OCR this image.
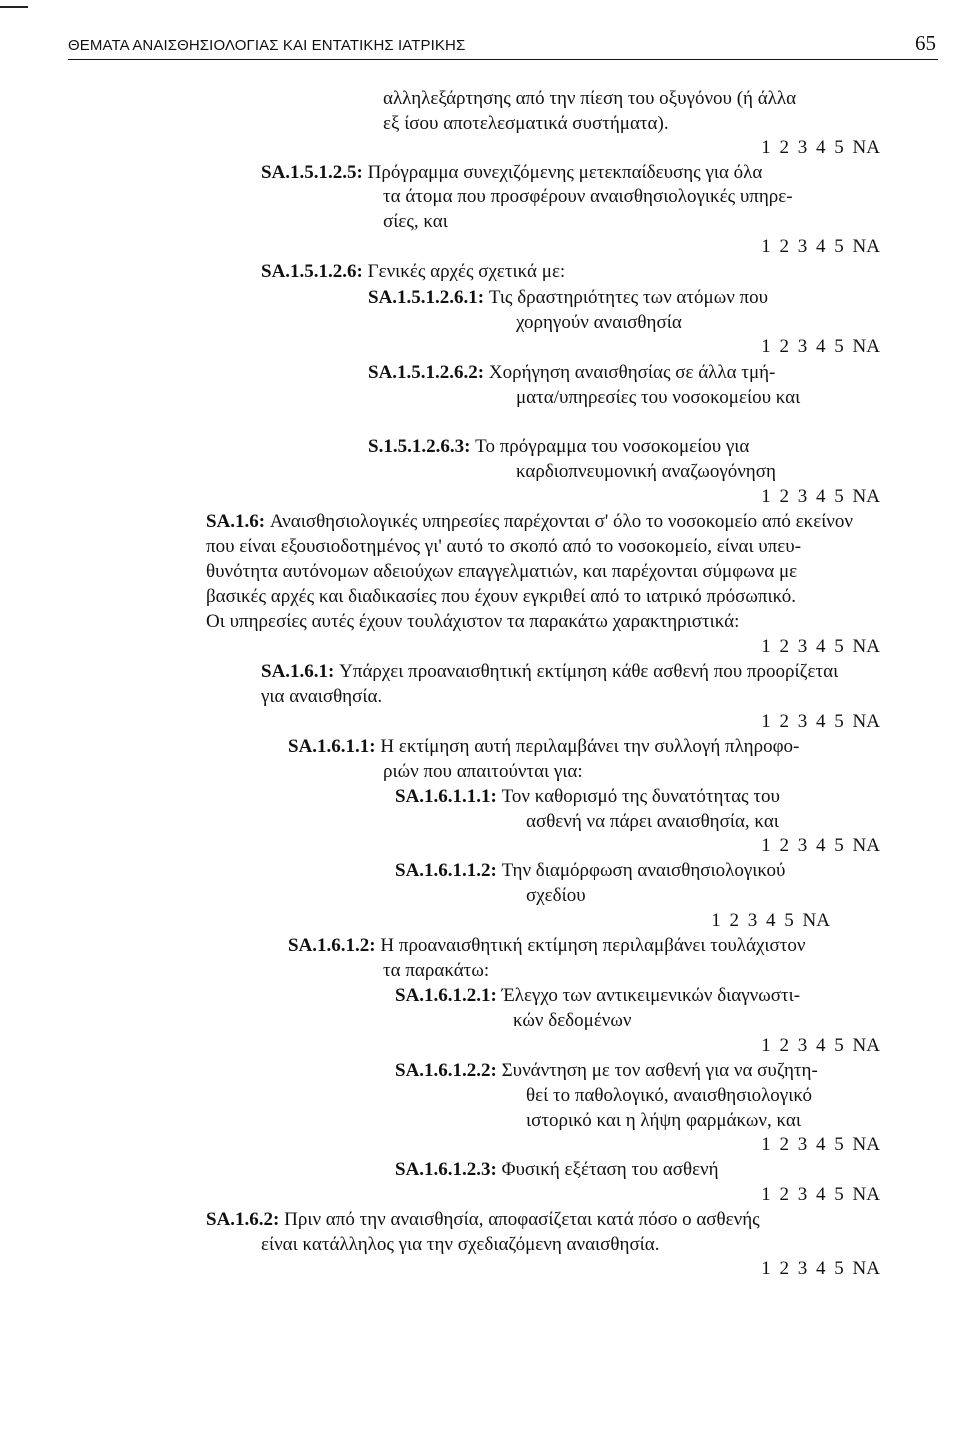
ΘΕΜΑΤΑ ΑΝΑΙΣΘΗΣΙΟΛΟΓΙΑΣ ΚΑΙ ΕΝΤΑΤΙΚΗΣ ΙΑΤΡΙΚΗΣ	65
αλληλεξάρτησης από την πίεση του οξυγόνου (ή άλλα
εξ ίσου αποτελεσματικά συστήματα).
1 2 3 4 5 ΝΑ
SA.1.5.1.2.5: Πρόγραμμα συνεχιζόμενης μετεκπαίδευσης για όλα
τα άτομα που προσφέρουν αναισθησιολογικές υπηρε-
σίες, και
1 2 3 4 5 ΝΑ
SA.1.5.1.2.6: Γενικές αρχές σχετικά με:
SA.1.5.1.2.6.1: Τις δραστηριότητες των ατόμων που
χορηγούν αναισθησία
1 2 3 4 5 ΝΑ
SA.1.5.1.2.6.2: Χορήγηση αναισθησίας σε άλλα τμή-
ματα/υπηρεσίες του νοσοκομείου και
S.1.5.1.2.6.3: Το πρόγραμμα του νοσοκομείου για
καρδιοπνευμονική αναζωογόνηση
1 2 3 4 5 ΝΑ
SA.1.6: Αναισθησιολογικές υπηρεσίες παρέχονται σ' όλο το νοσοκομείο από εκείνον
που είναι εξουσιοδοτημένος γι' αυτό το σκοπό από το νοσοκομείο, είναι υπευ-
θυνότητα αυτόνομων αδειούχων επαγγελματιών, και παρέχονται σύμφωνα με
βασικές αρχές και διαδικασίες που έχουν εγκριθεί από το ιατρικό πρόσωπικό.
Οι υπηρεσίες αυτές έχουν τουλάχιστον τα παρακάτω χαρακτηριστικά:
1 2 3 4 5 ΝΑ
SA.1.6.1: Υπάρχει προαναισθητική εκτίμηση κάθε ασθενή που προορίζεται
για αναισθησία.
1 2 3 4 5 ΝΑ
SA.1.6.1.1: Η εκτίμηση αυτή περιλαμβάνει την συλλογή πληροφο-
ριών που απαιτούνται για:
SA.1.6.1.1.1: Τον καθορισμό της δυνατότητας του
ασθενή να πάρει αναισθησία, και
1 2 3 4 5 ΝΑ
SA.1.6.1.1.2: Την διαμόρφωση αναισθησιολογικού
σχεδίου
1 2 3 4 5 ΝΑ
SA.1.6.1.2: Η προαναισθητική εκτίμηση περιλαμβάνει τουλάχιστον
τα παρακάτω:
SA.1.6.1.2.1: Έλεγχο των αντικειμενικών διαγνωστι-
κών δεδομένων
1 2 3 4 5 ΝΑ
SA.1.6.1.2.2: Συνάντηση με τον ασθενή για να συζητη-
θεί το παθολογικό, αναισθησιολογικό
ιστορικό και η λήψη φαρμάκων, και
1 2 3 4 5 ΝΑ
SA.1.6.1.2.3: Φυσική εξέταση του ασθενή
1 2 3 4 5 ΝΑ
SA.1.6.2: Πριν από την αναισθησία, αποφασίζεται κατά πόσο ο ασθενής
είναι κατάλληλος για την σχεδιαζόμενη αναισθησία.
1 2 3 4 5 ΝΑ
